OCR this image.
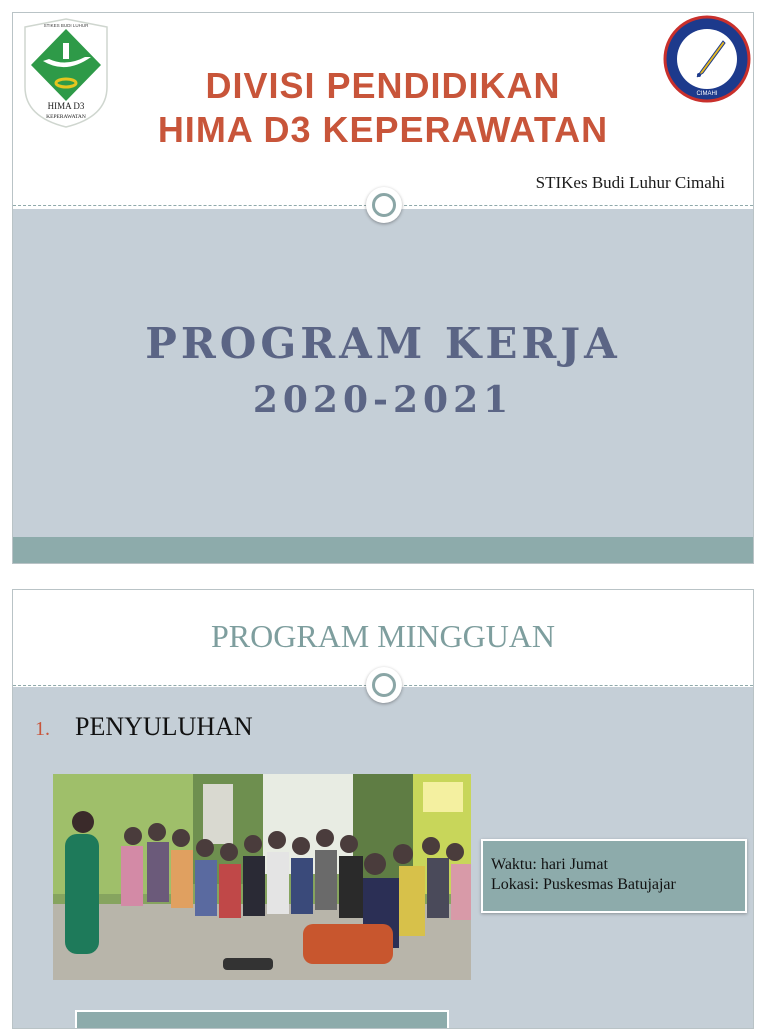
HIMA D3
KEPERAWATAN
STIKES BUDI LUHUR
CIMAHI
DIVISI PENDIDIKAN
HIMA D3 KEPERAWATAN
STIKes Budi Luhur Cimahi
PROGRAM KERJA
2020-2021
PROGRAM MINGGUAN
1. PENYULUHAN
Waktu: hari Jumat
Lokasi: Puskesmas Batujajar
